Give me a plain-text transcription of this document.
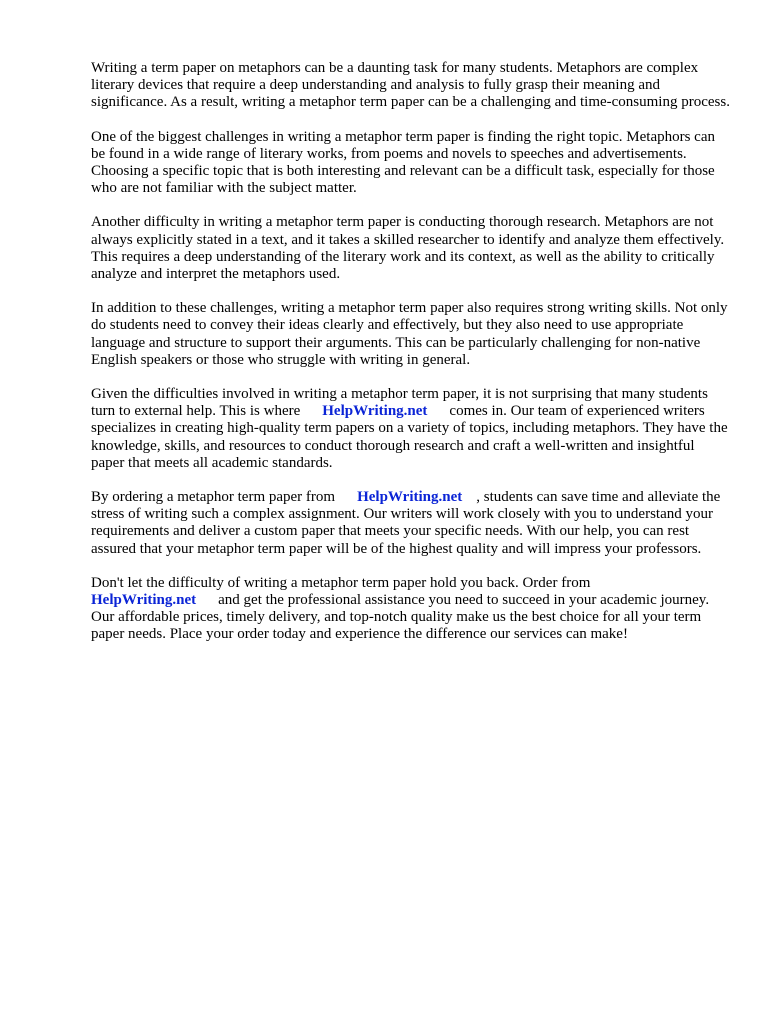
Writing a term paper on metaphors can be a daunting task for many students. Metaphors are complex literary devices that require a deep understanding and analysis to fully grasp their meaning and significance. As a result, writing a metaphor term paper can be a challenging and time-consuming process.

One of the biggest challenges in writing a metaphor term paper is finding the right topic. Metaphors can be found in a wide range of literary works, from poems and novels to speeches and advertisements. Choosing a specific topic that is both interesting and relevant can be a difficult task, especially for those who are not familiar with the subject matter.

Another difficulty in writing a metaphor term paper is conducting thorough research. Metaphors are not always explicitly stated in a text, and it takes a skilled researcher to identify and analyze them effectively. This requires a deep understanding of the literary work and its context, as well as the ability to critically analyze and interpret the metaphors used.

In addition to these challenges, writing a metaphor term paper also requires strong writing skills. Not only do students need to convey their ideas clearly and effectively, but they also need to use appropriate language and structure to support their arguments. This can be particularly challenging for non-native English speakers or those who struggle with writing in general.

Given the difficulties involved in writing a metaphor term paper, it is not surprising that many students turn to external help. This is where HelpWriting.net comes in. Our team of experienced writers specializes in creating high-quality term papers on a variety of topics, including metaphors. They have the knowledge, skills, and resources to conduct thorough research and craft a well-written and insightful paper that meets all academic standards.

By ordering a metaphor term paper from HelpWriting.net , students can save time and alleviate the stress of writing such a complex assignment. Our writers will work closely with you to understand your requirements and deliver a custom paper that meets your specific needs. With our help, you can rest assured that your metaphor term paper will be of the highest quality and will impress your professors.

Don't let the difficulty of writing a metaphor term paper hold you back. Order from
HelpWriting.net and get the professional assistance you need to succeed in your academic journey. Our affordable prices, timely delivery, and top-notch quality make us the best choice for all your term paper needs. Place your order today and experience the difference our services can make!
